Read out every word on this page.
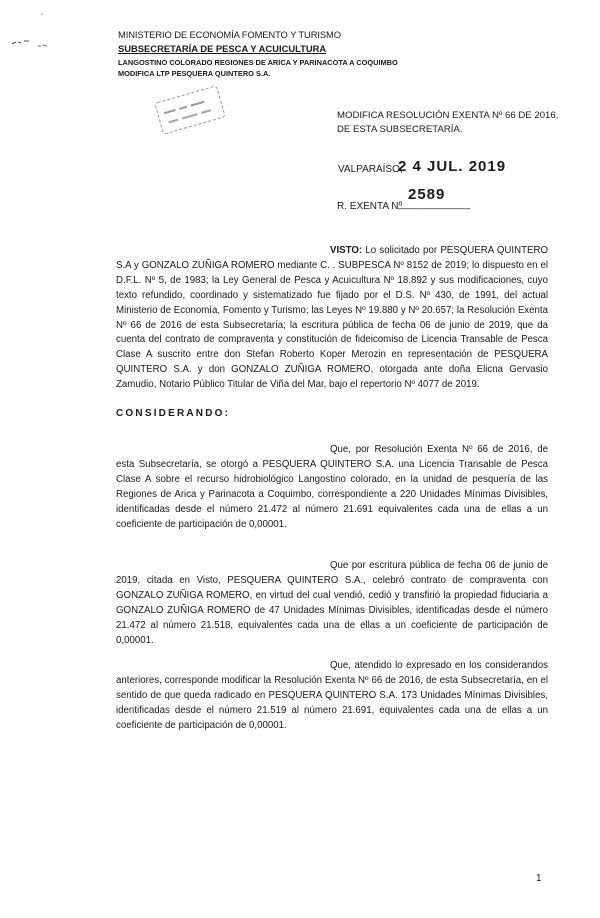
MINISTERIO DE ECONOMÍA FOMENTO Y TURISMO
SUBSECRETARÍA DE PESCA Y ACUICULTURA
LANGOSTINO COLORADO REGIONES DE ARICA Y PARINACOTA A COQUIMBO
MODIFICA LTP PESQUERA QUINTERO S.A.
MODIFICA RESOLUCIÓN EXENTA Nº 66 DE 2016.
DE ESTA SUBSECRETARÍA.
VALPARAÍSO,
2 4 JUL. 2019
R. EXENTA Nº
_____________
2589

VISTO: Lo solicitado por PESQUERA QUINTERO S.A y GONZALO ZUÑIGA ROMERO mediante C. . SUBPESCA Nº 8152 de 2019; lo dispuesto en el D.F.L. Nº 5, de 1983; la Ley General de Pesca y Acuicultura Nº 18.892 y sus modificaciones, cuyo texto refundido, coordinado y sistematizado fue fijado por el D.S. Nº 430, de 1991, del actual Ministerio de Economía, Fomento y Turismo; las Leyes Nº 19.880 y Nº 20.657; la Resolución Exenta Nº 66 de 2016 de esta Subsecretaría; la escritura pública de fecha 06 de junio de 2019, que da cuenta del contrato de compraventa y constitución de fideicomiso de Licencia Transable de Pesca Clase A suscrito entre don Stefan Roberto Koper Merozin en representación de PESQUERA QUINTERO S.A. y don GONZALO ZUÑIGA ROMERO, otorgada ante doña Elicna Gervasio Zamudio, Notario Público Titular de Viña del Mar, bajo el repertorio Nº 4077 de 2019.

CONSIDERANDO:

Que, por Resolución Exenta Nº 66 de 2016, de esta Subsecretaría, se otorgó a PESQUERA QUINTERO S.A. una Licencia Transable de Pesca Clase A sobre el recurso hidrobiológico Langostino colorado, en la unidad de pesquería de las Regiones de Arica y Parinacota a Coquimbo, correspondiente a 220 Unidades Mínimas Divisibles, identificadas desde el número 21.472 al número 21.691 equivalentes cada una de ellas a un coeficiente de participación de 0,00001.

Que por escritura pública de fecha 06 de junio de 2019, citada en Visto, PESQUERA QUINTERO S.A., celebró contrato de compraventa con GONZALO ZUÑIGA ROMERO, en virtud del cual vendió, cedió y transfirió la propiedad fiduciaria a GONZALO ZUÑIGA ROMERO de 47 Unidades Mínimas Divisibles, identificadas desde el número 21.472 al número 21.518, equivalentes cada una de ellas a un coeficiente de participación de 0,00001.

Que, atendido lo expresado en los considerandos anteriores, corresponde modificar la Resolución Exenta Nº 66 de 2016, de esta Subsecretaría, en el sentido de que queda radicado en PESQUERA QUINTERO S.A. 173 Unidades Mínimas Divisibles, identificadas desde el número 21.519 al número 21.691, equivalentes cada una de ellas a un coeficiente de participación de 0,00001.

1
